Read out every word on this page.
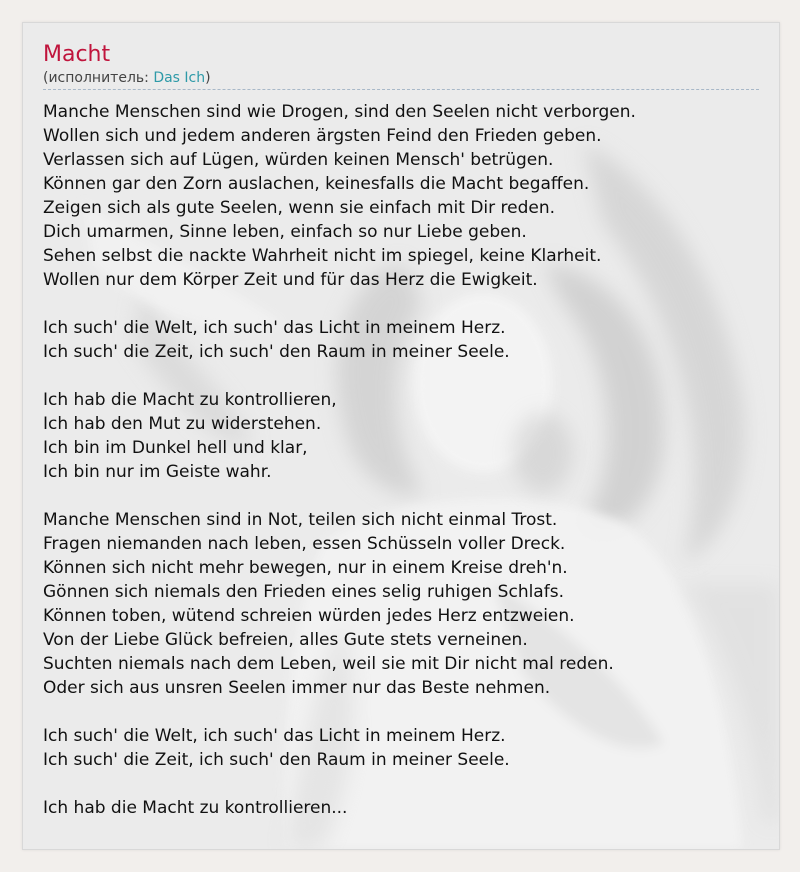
Macht
(исполнитель: Das Ich)
Manche Menschen sind wie Drogen, sind den Seelen nicht verborgen.
Wollen sich und jedem anderen ärgsten Feind den Frieden geben.
Verlassen sich auf Lügen, würden keinen Mensch' betrügen.
Können gar den Zorn auslachen, keinesfalls die Macht begaffen.
Zeigen sich als gute Seelen, wenn sie einfach mit Dir reden.
Dich umarmen, Sinne leben, einfach so nur Liebe geben.
Sehen selbst die nackte Wahrheit nicht im spiegel, keine Klarheit.
Wollen nur dem Körper Zeit und für das Herz die Ewigkeit.
Ich such' die Welt, ich such' das Licht in meinem Herz.
Ich such' die Zeit, ich such' den Raum in meiner Seele.
Ich hab die Macht zu kontrollieren,
Ich hab den Mut zu widerstehen.
Ich bin im Dunkel hell und klar,
Ich bin nur im Geiste wahr.
Manche Menschen sind in Not, teilen sich nicht einmal Trost.
Fragen niemanden nach leben, essen Schüsseln voller Dreck.
Können sich nicht mehr bewegen, nur in einem Kreise dreh'n.
Gönnen sich niemals den Frieden eines selig ruhigen Schlafs.
Können toben, wütend schreien würden jedes Herz entzweien.
Von der Liebe Glück befreien, alles Gute stets verneinen.
Suchten niemals nach dem Leben, weil sie mit Dir nicht mal reden.
Oder sich aus unsren Seelen immer nur das Beste nehmen.
Ich such' die Welt, ich such' das Licht in meinem Herz.
Ich such' die Zeit, ich such' den Raum in meiner Seele.
Ich hab die Macht zu kontrollieren...
